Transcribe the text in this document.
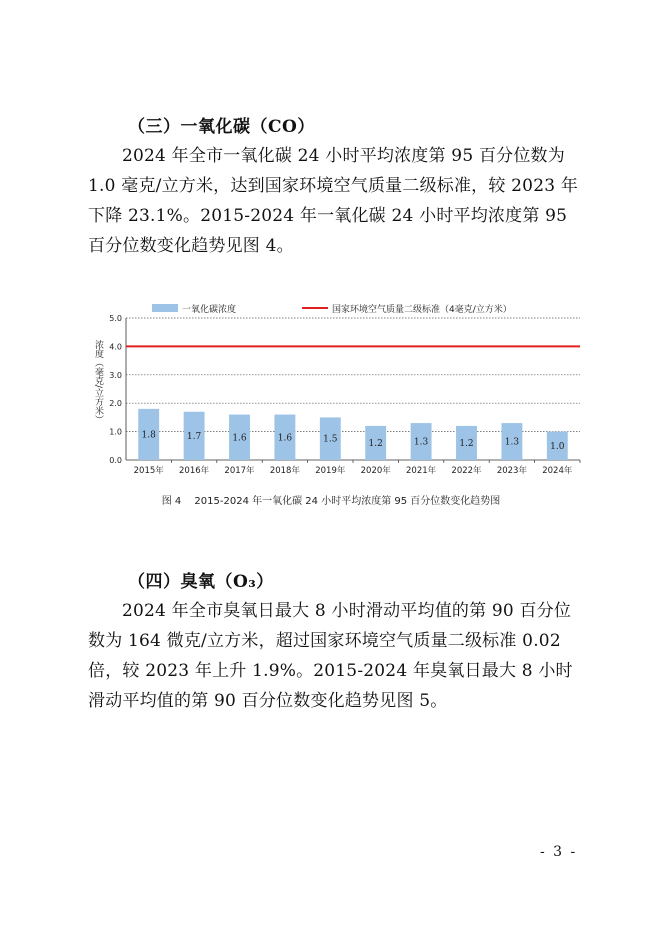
（三）一氧化碳（CO）

2024 年全市一氧化碳 24 小时平均浓度第 95 百分位数为 1.0 毫克/立方米，达到国家环境空气质量二级标准，较 2023 年下降 23.1%。2015-2024 年一氧化碳 24 小时平均浓度第 95 百分位数变化趋势见图 4。

一氧化碳浓度	国家环境空气质量二级标准（4毫克/立方米）
0.0
1.0
2.0
3.0
4.0
5.0
浓度（毫克/立方米）
1.8
2015年
1.7
2016年
1.6
2017年
1.6
2018年
1.5
2019年
1.2
2020年
1.3
2021年
1.2
2022年
1.3
2023年
1.0
2024年
图 4　 2015-2024 年一氧化碳 24 小时平均浓度第 95 百分位数变化趋势图
（四）臭氧（O₃）

2024 年全市臭氧日最大 8 小时滑动平均值的第 90 百分位数为 164 微克/立方米，超过国家环境空气质量二级标准 0.02 倍，较 2023 年上升 1.9%。2015-2024 年臭氧日最大 8 小时滑动平均值的第 90 百分位数变化趋势见图 5。

- 3 -
